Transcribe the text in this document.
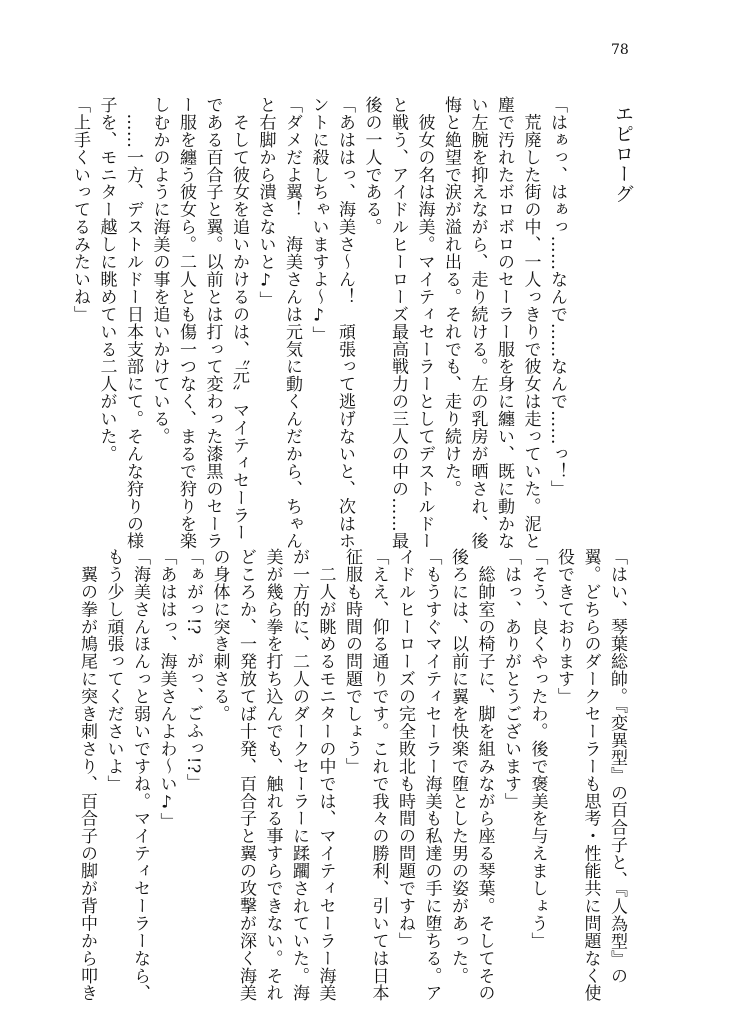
78
エピローグ
「はぁっ、はぁっ……なんで……なんで……っ！」
　荒廃した街の中、一人っきりで彼女は走っていた。泥と
塵で汚れたボロボロのセーラー服を身に纏い、既に動かな
い左腕を抑えながら、走り続ける。左の乳房が晒され、後
悔と絶望で涙が溢れ出る。それでも、走り続けた。
　彼女の名は海美。マイティセーラーとしてデストルドー
と戦う、アイドルヒーローズ最高戦力の三人の中の……最
後の一人である。
「あははっ、海美さ～ん！　頑張って逃げないと、次はホ
ントに殺しちゃいますよ～♪」
「ダメだよ翼！　海美さんは元気に動くんだから、ちゃん
と右脚から潰さないと♪」
　そして彼女を追いかけるのは、〝元〟マイティセーラー
である百合子と翼。以前とは打って変わった漆黒のセーラ
ー服を纏う彼女ら。二人とも傷一つなく、まるで狩りを楽
しむかのように海美の事を追いかけている。
　……一方、デストルドー日本支部にて。そんな狩りの様
子を、モニター越しに眺めている二人がいた。
「上手くいってるみたいね」
「はい、琴葉総帥。『変異型』の百合子と、『人為型』の
翼。どちらのダークセーラーも思考・性能共に問題なく使
役できております」
「そう、良くやったわ。後で褒美を与えましょう」
「はっ、ありがとうございます」
　総帥室の椅子に、脚を組みながら座る琴葉。そしてその
後ろには、以前に翼を快楽で堕とした男の姿があった。
「もうすぐマイティセーラー海美も私達の手に堕ちる。ア
イドルヒーローズの完全敗北も時間の問題ですね」
「ええ、仰る通りです。これで我々の勝利、引いては日本
征服も時間の問題でしょう」
　二人が眺めるモニターの中では、マイティセーラー海美
が一方的に、二人のダークセーラーに蹂躙されていた。海
美が幾ら拳を打ち込んでも、触れる事すらできない。それ
どころか、一発放てば十発、百合子と翼の攻撃が深く海美
の身体に突き刺さる。
「ぁがっ!?　がっ、ごふっ!?」
「あははっ、海美さんよわ～い♪」
「海美さんほんっと弱いですね。マイティセーラーなら、
もう少し頑張ってくださいよ」
　翼の拳が鳩尾に突き刺さり、百合子の脚が背中から叩き
